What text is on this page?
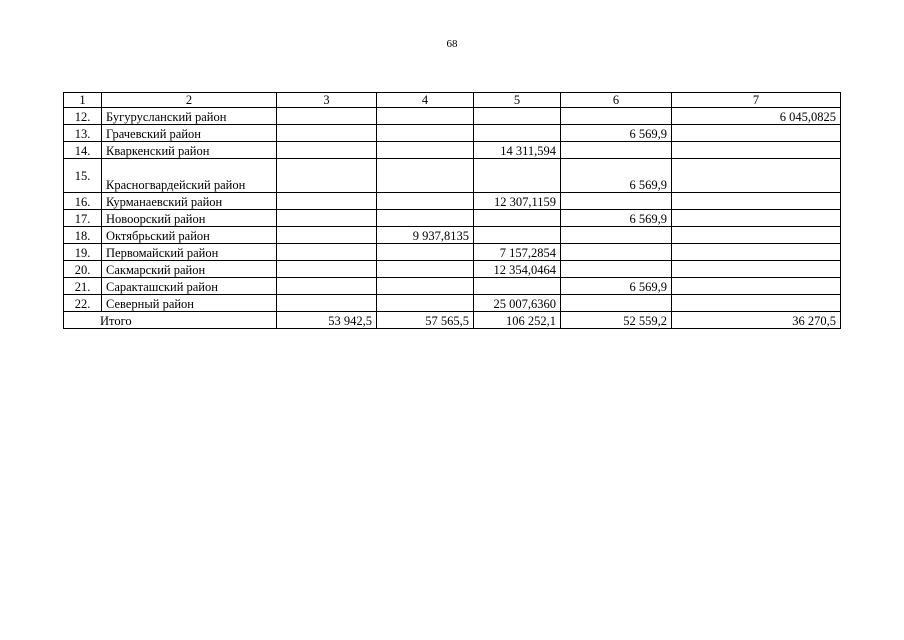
68
1	2	3	4	5	6	7
12.	Бугурусланский район					6 045,0825
13.	Грачевский район				6 569,9	
14.	Кваркенский район			14 311,594		
15.	Красногвардейский район				6 569,9	
16.	Курманаевский район			12 307,1159		
17.	Новоорский район				6 569,9	
18.	Октябрьский район		9 937,8135			
19.	Первомайский район			7 157,2854		
20.	Сакмарский район			12 354,0464		
21.	Саракташский район				6 569,9	
22.	Северный район			25 007,6360		
Итого		53 942,5	57 565,5	106 252,1	52 559,2	36 270,5
